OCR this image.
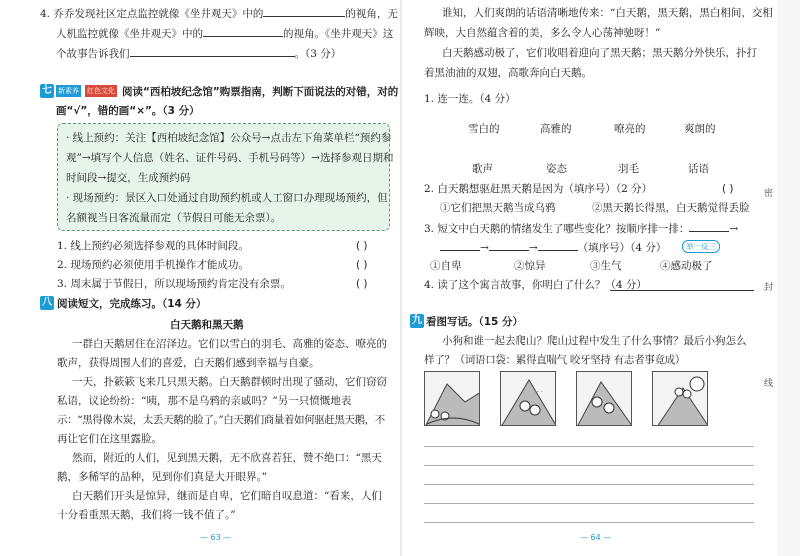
4. 乔乔发现社区定点监控就像《坐井观天》中的	的视角，无
人机监控就像《坐井观天》中的	的视角。《坐井观天》这
个故事告诉我们	。（3 分）
七 新素养 红色文化 阅读“西柏坡纪念馆”购票指南，判断下面说法的对错，对的
画“√”，错的画“×”。（3 分）
· 线上预约：关注【西柏坡纪念馆】公众号→点击左下角菜单栏“预约参
观”→填写个人信息（姓名、证件号码、手机号码等）→选择参观日期和
时间段→提交，生成预约码
· 现场预约：景区入口处通过自助预约机或人工窗口办理现场预约，但
名额视当日客流量而定（节假日可能无余票）。
1. 线上预约必须选择参观的具体时间段。	( )
2. 现场预约必须使用手机操作才能成功。	( )
3. 周末属于节假日，所以现场预约肯定没有余票。	( )
八 阅读短文，完成练习。（14 分）
白天鹅和黑天鹅
一群白天鹅居住在沼泽边。它们以雪白的羽毛、高雅的姿态、嘹亮的
歌声，获得周围人们的喜爱，白天鹅们感到幸福与自豪。
一天，扑簌簌飞来几只黑天鹅。白天鹅群顿时出现了骚动，它们窃窃
私语，议论纷纷：“咦，那不是乌鸦的亲戚吗？”另一只愤慨地表
示：“黑得像木炭，太丢天鹅的脸了。”白天鹅们商量着如何驱赶黑天鹅，不
再让它们在这里露脸。
然而，附近的人们，见到黑天鹅，无不欣喜若狂，赞不绝口：“黑天
鹅，多稀罕的品种，见到你们真是大开眼界。”
白天鹅们开头是惊异，继而是自卑，它们暗自叹息道：“看来，人们
十分看重黑天鹅，我们将一钱不值了。”
— 63 —
谁知，人们爽朗的话语清晰地传来：“白天鹅，黑天鹅，黑白相间，交相
辉映，大自然蕴含着的美，多么令人心荡神驰呀！”
白天鹅感动极了，它们收唱着迎向了黑天鹅；黑天鹅分外快乐，扑打
着黑油油的双翅，高歌奔向白天鹅。
1. 连一连。（4 分）
雪白的	高雅的	嘹亮的	爽朗的
歌声	姿态	羽毛	话语
2. 白天鹅想驱赶黑天鹅是因为（填序号）（2 分）	( )
①它们把黑天鹅当成乌鸦	②黑天鹅长得黑，白天鹅觉得丢脸
3. 短文中白天鹅的情绪发生了哪些变化？按顺序排一排：	→
→	→	（填序号）（4 分）	举一反三
①自卑	②惊异	③生气	④感动极了
4. 读了这个寓言故事，你明白了什么？（4 分）
九 看图写话。（15 分）
小狗和谁一起去爬山？爬山过程中发生了什么事情？最后小狗怎么
样了？（词语口袋：累得直喘气 咬牙坚持 有志者事竟成）
. .
— 64 —
密
封
线
